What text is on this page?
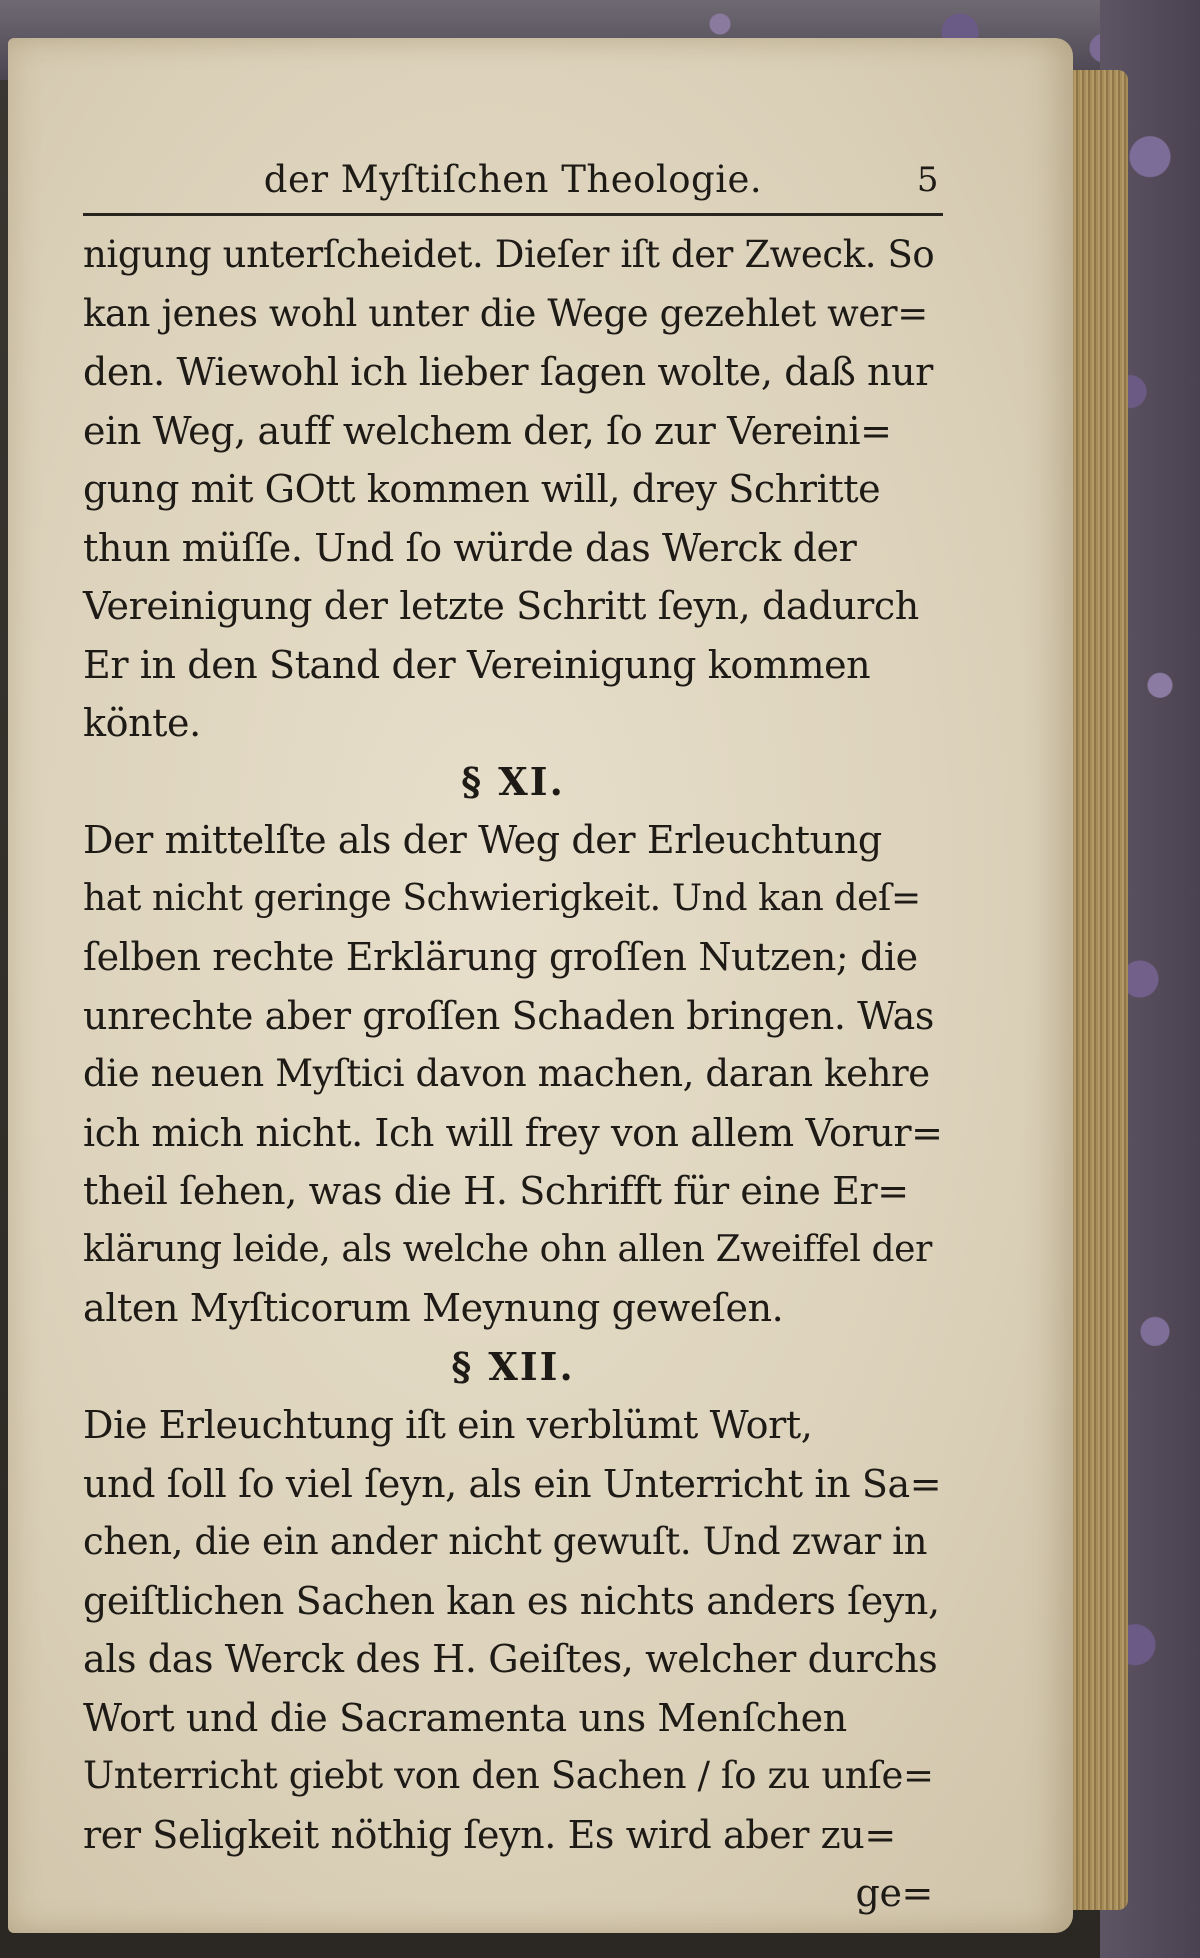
der Myſtiſchen Theologie.	5
nigung unterſcheidet. Dieſer iſt der Zweck. So
kan jenes wohl unter die Wege gezehlet wer=
den. Wiewohl ich lieber ſagen wolte, daß nur
ein Weg, auff welchem der, ſo zur Vereini=
gung mit GOtt kommen will, drey Schritte
thun müſſe. Und ſo würde das Werck der
Vereinigung der letzte Schritt ſeyn, dadurch
Er in den Stand der Vereinigung kommen
könte.
§ XI.
Der mittelſte als der Weg der Erleuchtung
hat nicht geringe Schwierigkeit. Und kan deſ=
ſelben rechte Erklärung groſſen Nutzen; die
unrechte aber groſſen Schaden bringen. Was
die neuen Myſtici davon machen, daran kehre
ich mich nicht. Ich will frey von allem Vorur=
theil ſehen, was die H. Schrifft für eine Er=
klärung leide, als welche ohn allen Zweiffel der
alten Myſticorum Meynung geweſen.
§ XII.
Die Erleuchtung iſt ein verblümt Wort,
und ſoll ſo viel ſeyn, als ein Unterricht in Sa=
chen, die ein ander nicht gewuſt. Und zwar in
geiſtlichen Sachen kan es nichts anders ſeyn,
als das Werck des H. Geiſtes, welcher durchs
Wort und die Sacramenta uns Menſchen
Unterricht giebt von den Sachen / ſo zu unſe=
rer Seligkeit nöthig ſeyn. Es wird aber zu=
ge=
